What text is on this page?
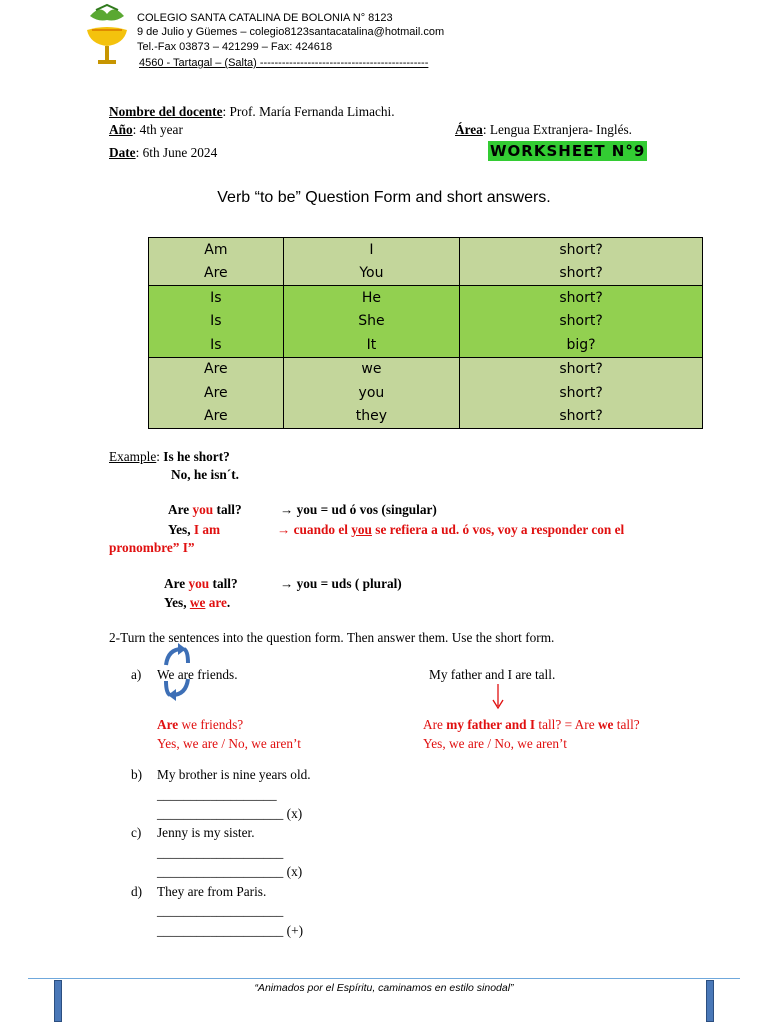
COLEGIO SANTA CATALINA DE BOLONIA N° 8123
9 de Julio y Güemes – colegio8123santacatalina@hotmail.com
Tel.-Fax 03873 – 421299 – Fax: 424618
4560 - Tartagal – (Salta) ----------------------------------------------
Nombre del docente: Prof. María Fernanda Limachi.
Año: 4th year	Área: Lengua Extranjera- Inglés.
Date: 6th June 2024	WORKSHEET N°9
Verb “to be” Question Form and short answers.
Am	I	short?
Are	You	short?
Is	He	short?
Is	She	short?
Is	It	big?
Are	we	short?
Are	you	short?
Are	they	short?
Example: Is he short?
No, he isn´t.
Are you tall?	→ you = ud ó vos (singular)
Yes, I am	→ cuando el you se refiera a ud. ó vos, voy a responder con el
pronombre” I”
Are you tall?	→ you = uds ( plural)
Yes, we are.
2-Turn the sentences into the question form. Then answer them. Use the short form.
a) We are friends.	My father and I are tall.
Are we friends?
Yes, we are / No, we aren’t
Are my father and I tall? = Are we tall?
Yes, we are / No, we aren’t
b) My brother is nine years old.
__________________
___________________ (x)
c) Jenny is my sister.
___________________
___________________ (x)
d) They are from Paris.
___________________
___________________ (+)
“Animados por el Espíritu, caminamos en estilo sinodal”
